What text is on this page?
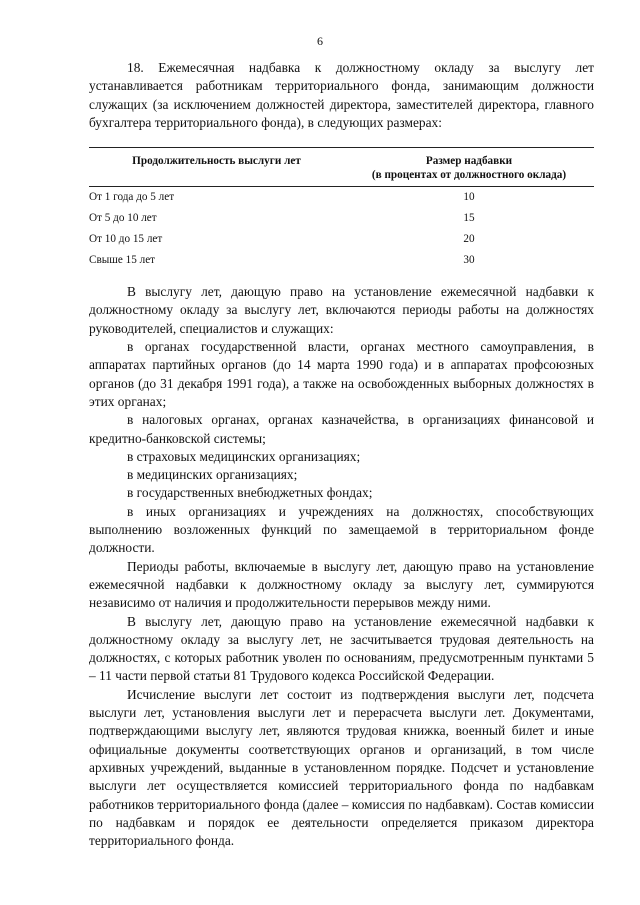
6

18. Ежемесячная надбавка к должностному окладу за выслугу лет устанавливается работникам территориального фонда, занимающим должности служащих (за исключением должностей директора, заместителей директора, главного бухгалтера территориального фонда), в следующих размерах:

Продолжительность выслуги лет	Размер надбавки
(в процентах от должностного оклада)

От 1 года до 5 лет	10
От 5 до 10 лет	15
От 10 до 15 лет	20
Свыше 15 лет	30

В выслугу лет, дающую право на установление ежемесячной надбавки к должностному окладу за выслугу лет, включаются периоды работы на должностях руководителей, специалистов и служащих:

в органах государственной власти, органах местного самоуправления, в аппаратах партийных органов (до 14 марта 1990 года) и в аппаратах профсоюзных органов (до 31 декабря 1991 года), а также на освобожденных выборных должностях в этих органах;

в налоговых органах, органах казначейства, в организациях финансовой и кредитно-банковской системы;

в страховых медицинских организациях;

в медицинских организациях;

в государственных внебюджетных фондах;

в иных организациях и учреждениях на должностях, способствующих выполнению возложенных функций по замещаемой в территориальном фонде должности.

Периоды работы, включаемые в выслугу лет, дающую право на установление ежемесячной надбавки к должностному окладу за выслугу лет, суммируются независимо от наличия и продолжительности перерывов между ними.

В выслугу лет, дающую право на установление ежемесячной надбавки к должностному окладу за выслугу лет, не засчитывается трудовая деятельность на должностях, с которых работник уволен по основаниям, предусмотренным пунктами 5 – 11 части первой статьи 81 Трудового кодекса Российской Федерации.

Исчисление выслуги лет состоит из подтверждения выслуги лет, подсчета выслуги лет, установления выслуги лет и перерасчета выслуги лет. Документами, подтверждающими выслугу лет, являются трудовая книжка, военный билет и иные официальные документы соответствующих органов и организаций, в том числе архивных учреждений, выданные в установленном порядке. Подсчет и установление выслуги лет осуществляется комиссией территориального фонда по надбавкам работников территориального фонда (далее – комиссия по надбавкам). Состав комиссии по надбавкам и порядок ее деятельности определяется приказом директора территориального фонда.
